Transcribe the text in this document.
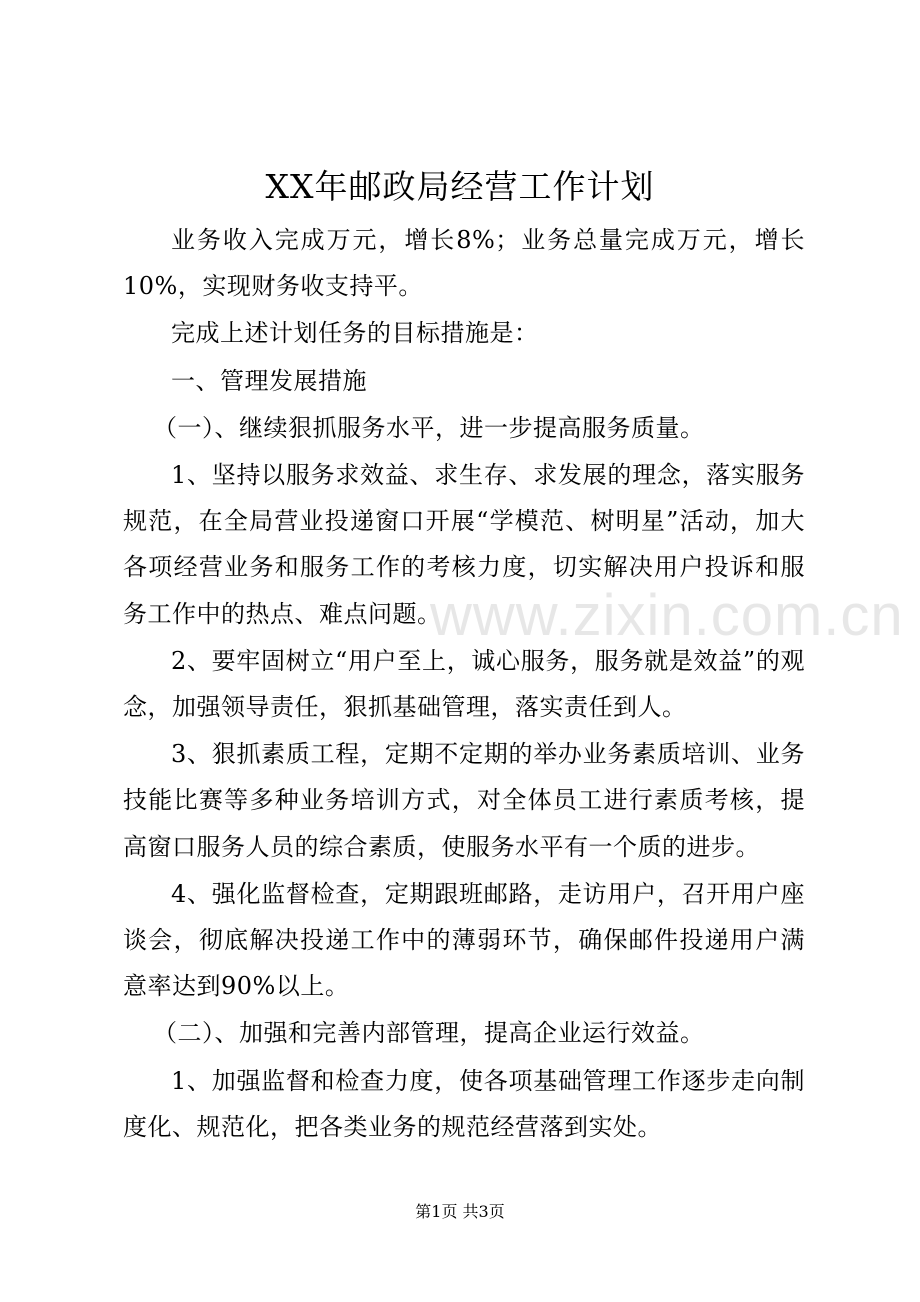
XX年邮政局经营工作计划

业务收入完成万元，增长8%；业务总量完成万元，增长10%，实现财务收支持平。

完成上述计划任务的目标措施是：

一、管理发展措施

（一）、继续狠抓服务水平，进一步提高服务质量。

1、坚持以服务求效益、求生存、求发展的理念，落实服务规范，在全局营业投递窗口开展“学模范、树明星”活动，加大各项经营业务和服务工作的考核力度，切实解决用户投诉和服务工作中的热点、难点问题。

2、要牢固树立“用户至上，诚心服务，服务就是效益”的观念，加强领导责任，狠抓基础管理，落实责任到人。

3、狠抓素质工程，定期不定期的举办业务素质培训、业务技能比赛等多种业务培训方式，对全体员工进行素质考核，提高窗口服务人员的综合素质，使服务水平有一个质的进步。

4、强化监督检查，定期跟班邮路，走访用户，召开用户座谈会，彻底解决投递工作中的薄弱环节，确保邮件投递用户满意率达到90%以上。

（二）、加强和完善内部管理，提高企业运行效益。

1、加强监督和检查力度，使各项基础管理工作逐步走向制度化、规范化，把各类业务的规范经营落到实处。

www.zixin.com.cn
第1页 共3页
